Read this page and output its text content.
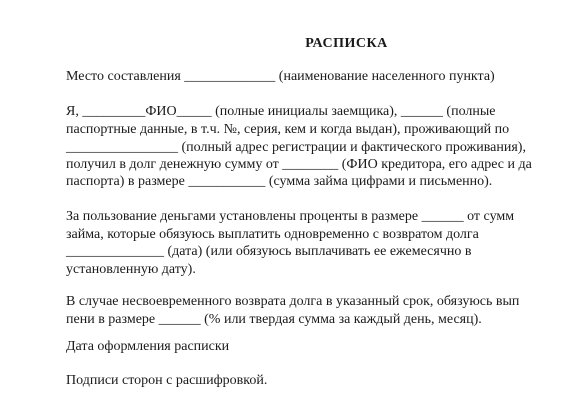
РАСПИСКА
Место составления _____________ (наименование населенного пункта)
Я, _________ФИО_____ (полные инициалы заемщика), ______ (полные
паспортные данные, в т.ч. №, серия, кем и когда выдан), проживающий по
________________ (полный адрес регистрации и фактического проживания),
получил в долг денежную сумму от ________ (ФИО кредитора, его адрес и да
паспорта) в размере ___________ (сумма займа цифрами и письменно).
За пользование деньгами установлены проценты в размере ______ от сумм
займа, которые обязуюсь выплатить одновременно с возвратом долга
______________ (дата) (или обязуюсь выплачивать ее ежемесячно в
установленную дату).
В случае несвоевременного возврата долга в указанный срок, обязуюсь вып
пени в размере ______ (% или твердая сумма за каждый день, месяц).
Дата оформления расписки
Подписи сторон с расшифровкой.
